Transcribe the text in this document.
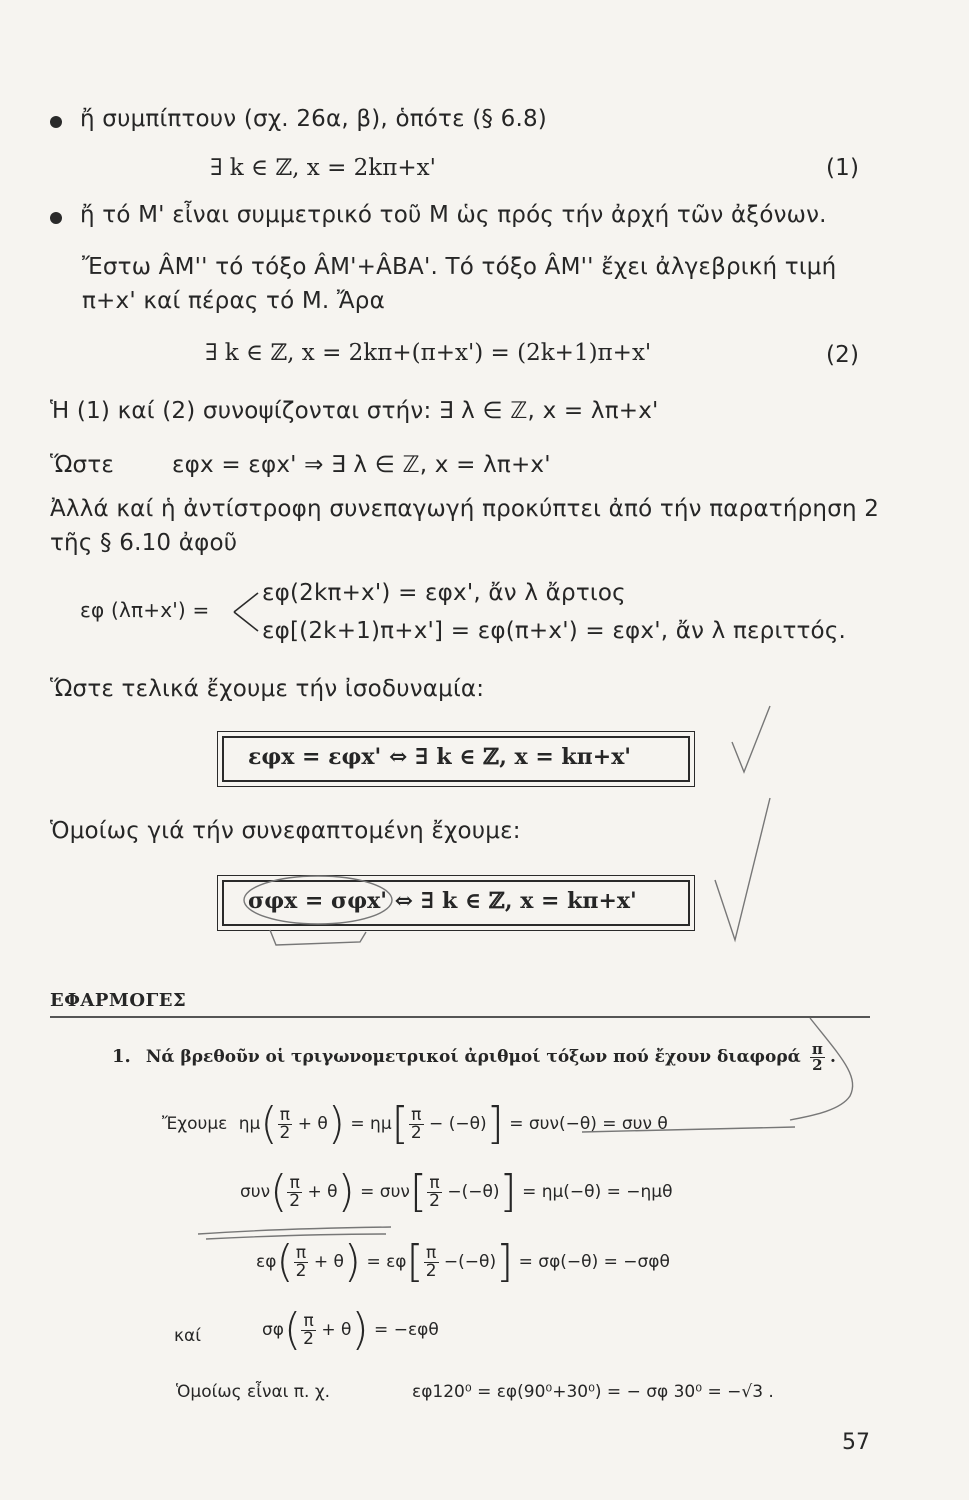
ἤ συμπίπτουν (σχ. 26α, β), ὁπότε (§ 6.8)
∃ k ∈ ℤ, x = 2kπ+x'	(1)
ἤ τό Μ' εἶναι συμμετρικό τοῦ Μ ὡς πρός τήν ἀρχή τῶν ἀξόνων.
Ἔστω ÂM'' τό τόξο ÂM'+ÂBA'. Τό τόξο ÂM'' ἔχει ἀλγεβρική τιμή
π+x' καί πέρας τό Μ. Ἄρα
∃ k ∈ ℤ, x = 2kπ+(π+x') = (2k+1)π+x'	(2)
Ἡ (1) καί (2) συνοψίζονται στήν: ∃ λ ∈ ℤ, x = λπ+x'
Ὥστε	εφx = εφx' ⇒ ∃ λ ∈ ℤ, x = λπ+x'
Ἀλλά καί ἡ ἀντίστροφη συνεπαγωγή προκύπτει ἀπό τήν παρατήρηση 2
τῆς § 6.10 ἀφοῦ
εφ (λπ+x') =
εφ(2kπ+x') = εφx', ἄν λ ἄρτιος
εφ[(2k+1)π+x'] = εφ(π+x') = εφx', ἄν λ περιττός.
Ὥστε τελικά ἔχουμε τήν ἰσοδυναμία:
εφx = εφx' ⇔ ∃ k ∈ ℤ, x = kπ+x'
Ὁμοίως γιά τήν συνεφαπτομένη ἔχουμε:
σφx = σφx' ⇔ ∃ k ∈ ℤ, x = kπ+x'
ΕΦΑΡΜΟΓΕΣ
1. Νά βρεθοῦν οἱ τριγωνομετρικοί ἀριθμοί τόξων πού ἔχουν διαφορά $\frac{\pi}{2}$ .
Ἔχουμε $\eta\mu( \frac{\pi}{2} + \theta) = \eta\mu[ \frac{\pi}{2} - (-\theta)] = \sigma\upsilon\nu(-\theta) = \sigma\upsilon\nu$ θ
$\sigma\upsilon\nu( \frac{\pi}{2} + \theta) = \sigma\upsilon\nu[ \frac{\pi}{2} -(-\theta)] = \eta\mu(-\theta) = -\eta\mu\theta$
$\varepsilon\varphi( \frac{\pi}{2} + \theta) = \varepsilon\varphi[ \frac{\pi}{2} -(-\theta)] = \sigma\varphi(-\theta) = -\sigma\varphi\theta$
καί	$\sigma\varphi( \frac{\pi}{2} + \theta) = -\varepsilon\varphi\theta$
Ὁμοίως εἶναι π. χ.	εφ120⁰ = εφ(90⁰+30⁰) = − σφ 30⁰ = −√3 .
57
